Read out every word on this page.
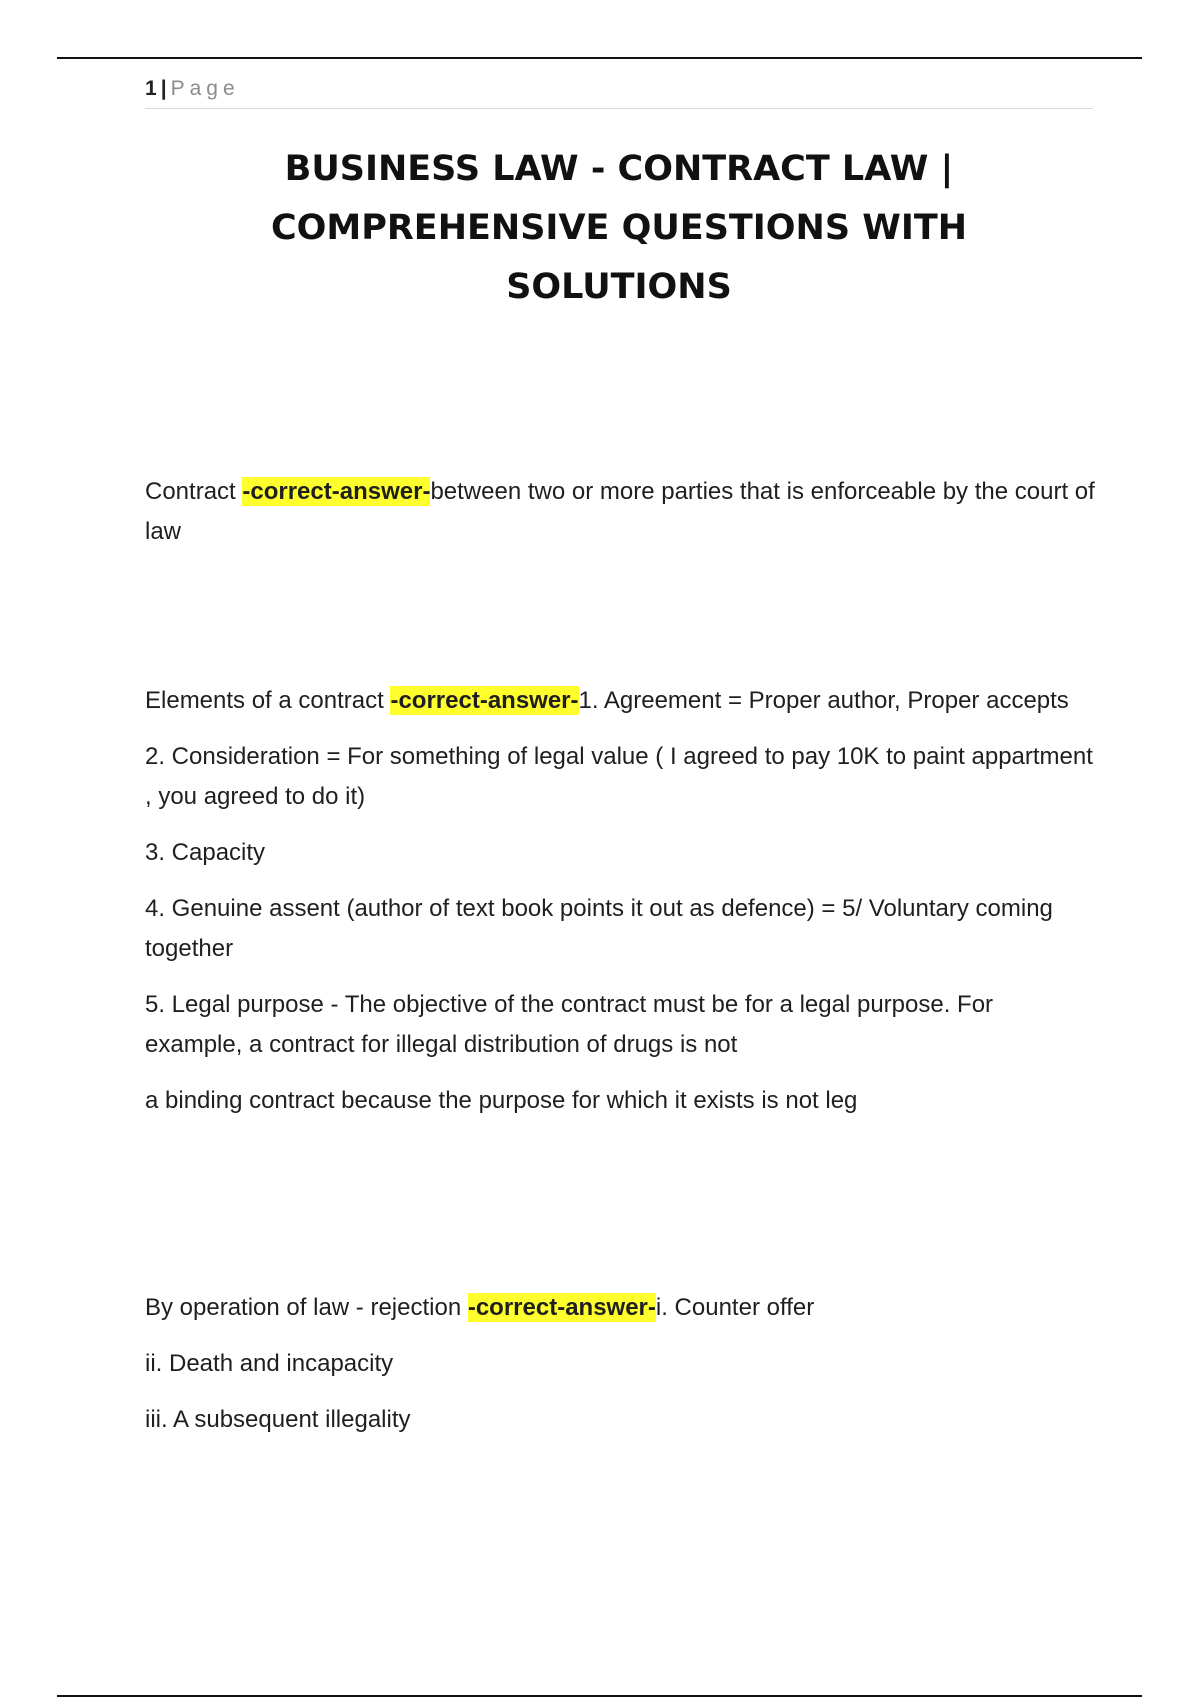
1 | Page
BUSINESS LAW - CONTRACT LAW |
COMPREHENSIVE QUESTIONS WITH
SOLUTIONS

Contract -correct-answer-between two or more parties that is enforceable by the court of law

Elements of a contract -correct-answer-1. Agreement = Proper author, Proper accepts

2. Consideration = For something of legal value ( I agreed to pay 10K to paint appartment , you agreed to do it)

3. Capacity

4. Genuine assent (author of text book points it out as defence) = 5/ Voluntary coming together

5. Legal purpose - The objective of the contract must be for a legal purpose. For example, a contract for illegal distribution of drugs is not

a binding contract because the purpose for which it exists is not leg

By operation of law - rejection -correct-answer-i. Counter offer

ii. Death and incapacity

iii. A subsequent illegality
